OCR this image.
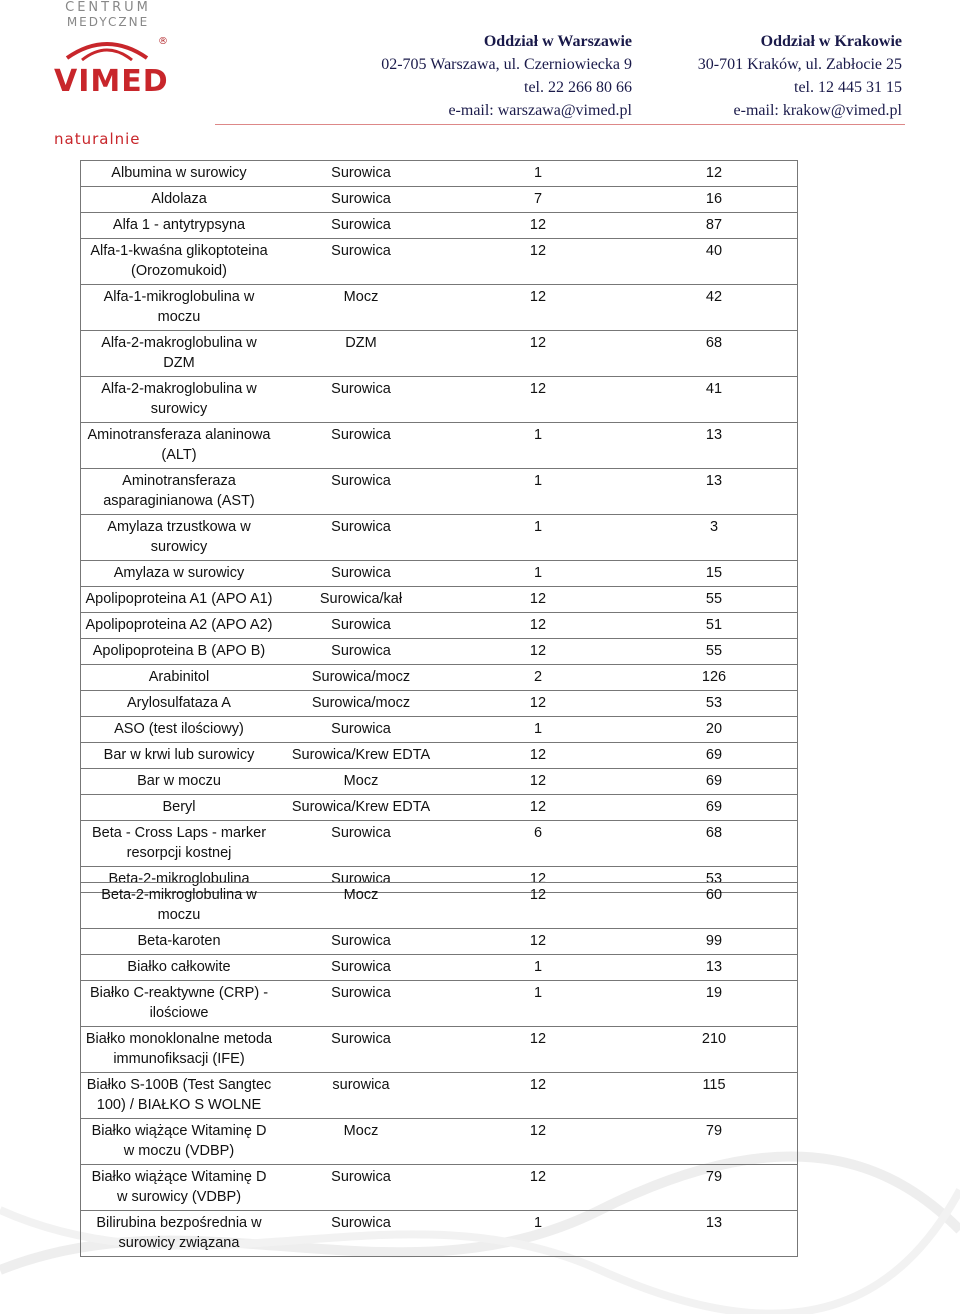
CENTRUM
MEDYCZNE
®
VIMED
naturalnie
Oddział w Warszawie
02-705 Warszawa, ul. Czerniowiecka 9
tel. 22 266 80 66
e-mail: warszawa@vimed.pl
Oddział w Krakowie
30-701 Kraków, ul. Zabłocie 25
tel. 12 445 31 15
e-mail: krakow@vimed.pl
Albumina w surowicy	Surowica	1	12
Aldolaza	Surowica	7	16
Alfa 1 - antytrypsyna	Surowica	12	87
Alfa-1-kwaśna glikoptoteina (Orozomukoid)	Surowica	12	40
Alfa-1-mikroglobulina w moczu	Mocz	12	42
Alfa-2-makroglobulina w DZM	DZM	12	68
Alfa-2-makroglobulina w surowicy	Surowica	12	41
Aminotransferaza alaninowa (ALT)	Surowica	1	13
Aminotransferaza asparaginianowa (AST)	Surowica	1	13
Amylaza trzustkowa w surowicy	Surowica	1	3
Amylaza w surowicy	Surowica	1	15
Apolipoproteina A1 (APO A1)	Surowica/kał	12	55
Apolipoproteina A2 (APO A2)	Surowica	12	51
Apolipoproteina B (APO B)	Surowica	12	55
Arabinitol	Surowica/mocz	2	126
Arylosulfataza A	Surowica/mocz	12	53
ASO (test ilościowy)	Surowica	1	20
Bar w krwi lub surowicy	Surowica/Krew EDTA	12	69
Bar w moczu	Mocz	12	69
Beryl	Surowica/Krew EDTA	12	69
Beta - Cross Laps - marker resorpcji kostnej	Surowica	6	68
Beta-2-mikroglobulina	Surowica	12	53
Beta-2-mikroglobulina w moczu	Mocz	12	60
Beta-karoten	Surowica	12	99
Białko całkowite	Surowica	1	13
Białko C-reaktywne (CRP) - ilościowe	Surowica	1	19
Białko monoklonalne metoda immunofiksacji (IFE)	Surowica	12	210
Białko S-100B (Test Sangtec 100) / BIAŁKO S WOLNE	surowica	12	115
Białko wiążące Witaminę D w moczu (VDBP)	Mocz	12	79
Białko wiążące Witaminę D w surowicy (VDBP)	Surowica	12	79
Bilirubina bezpośrednia w surowicy związana	Surowica	1	13
